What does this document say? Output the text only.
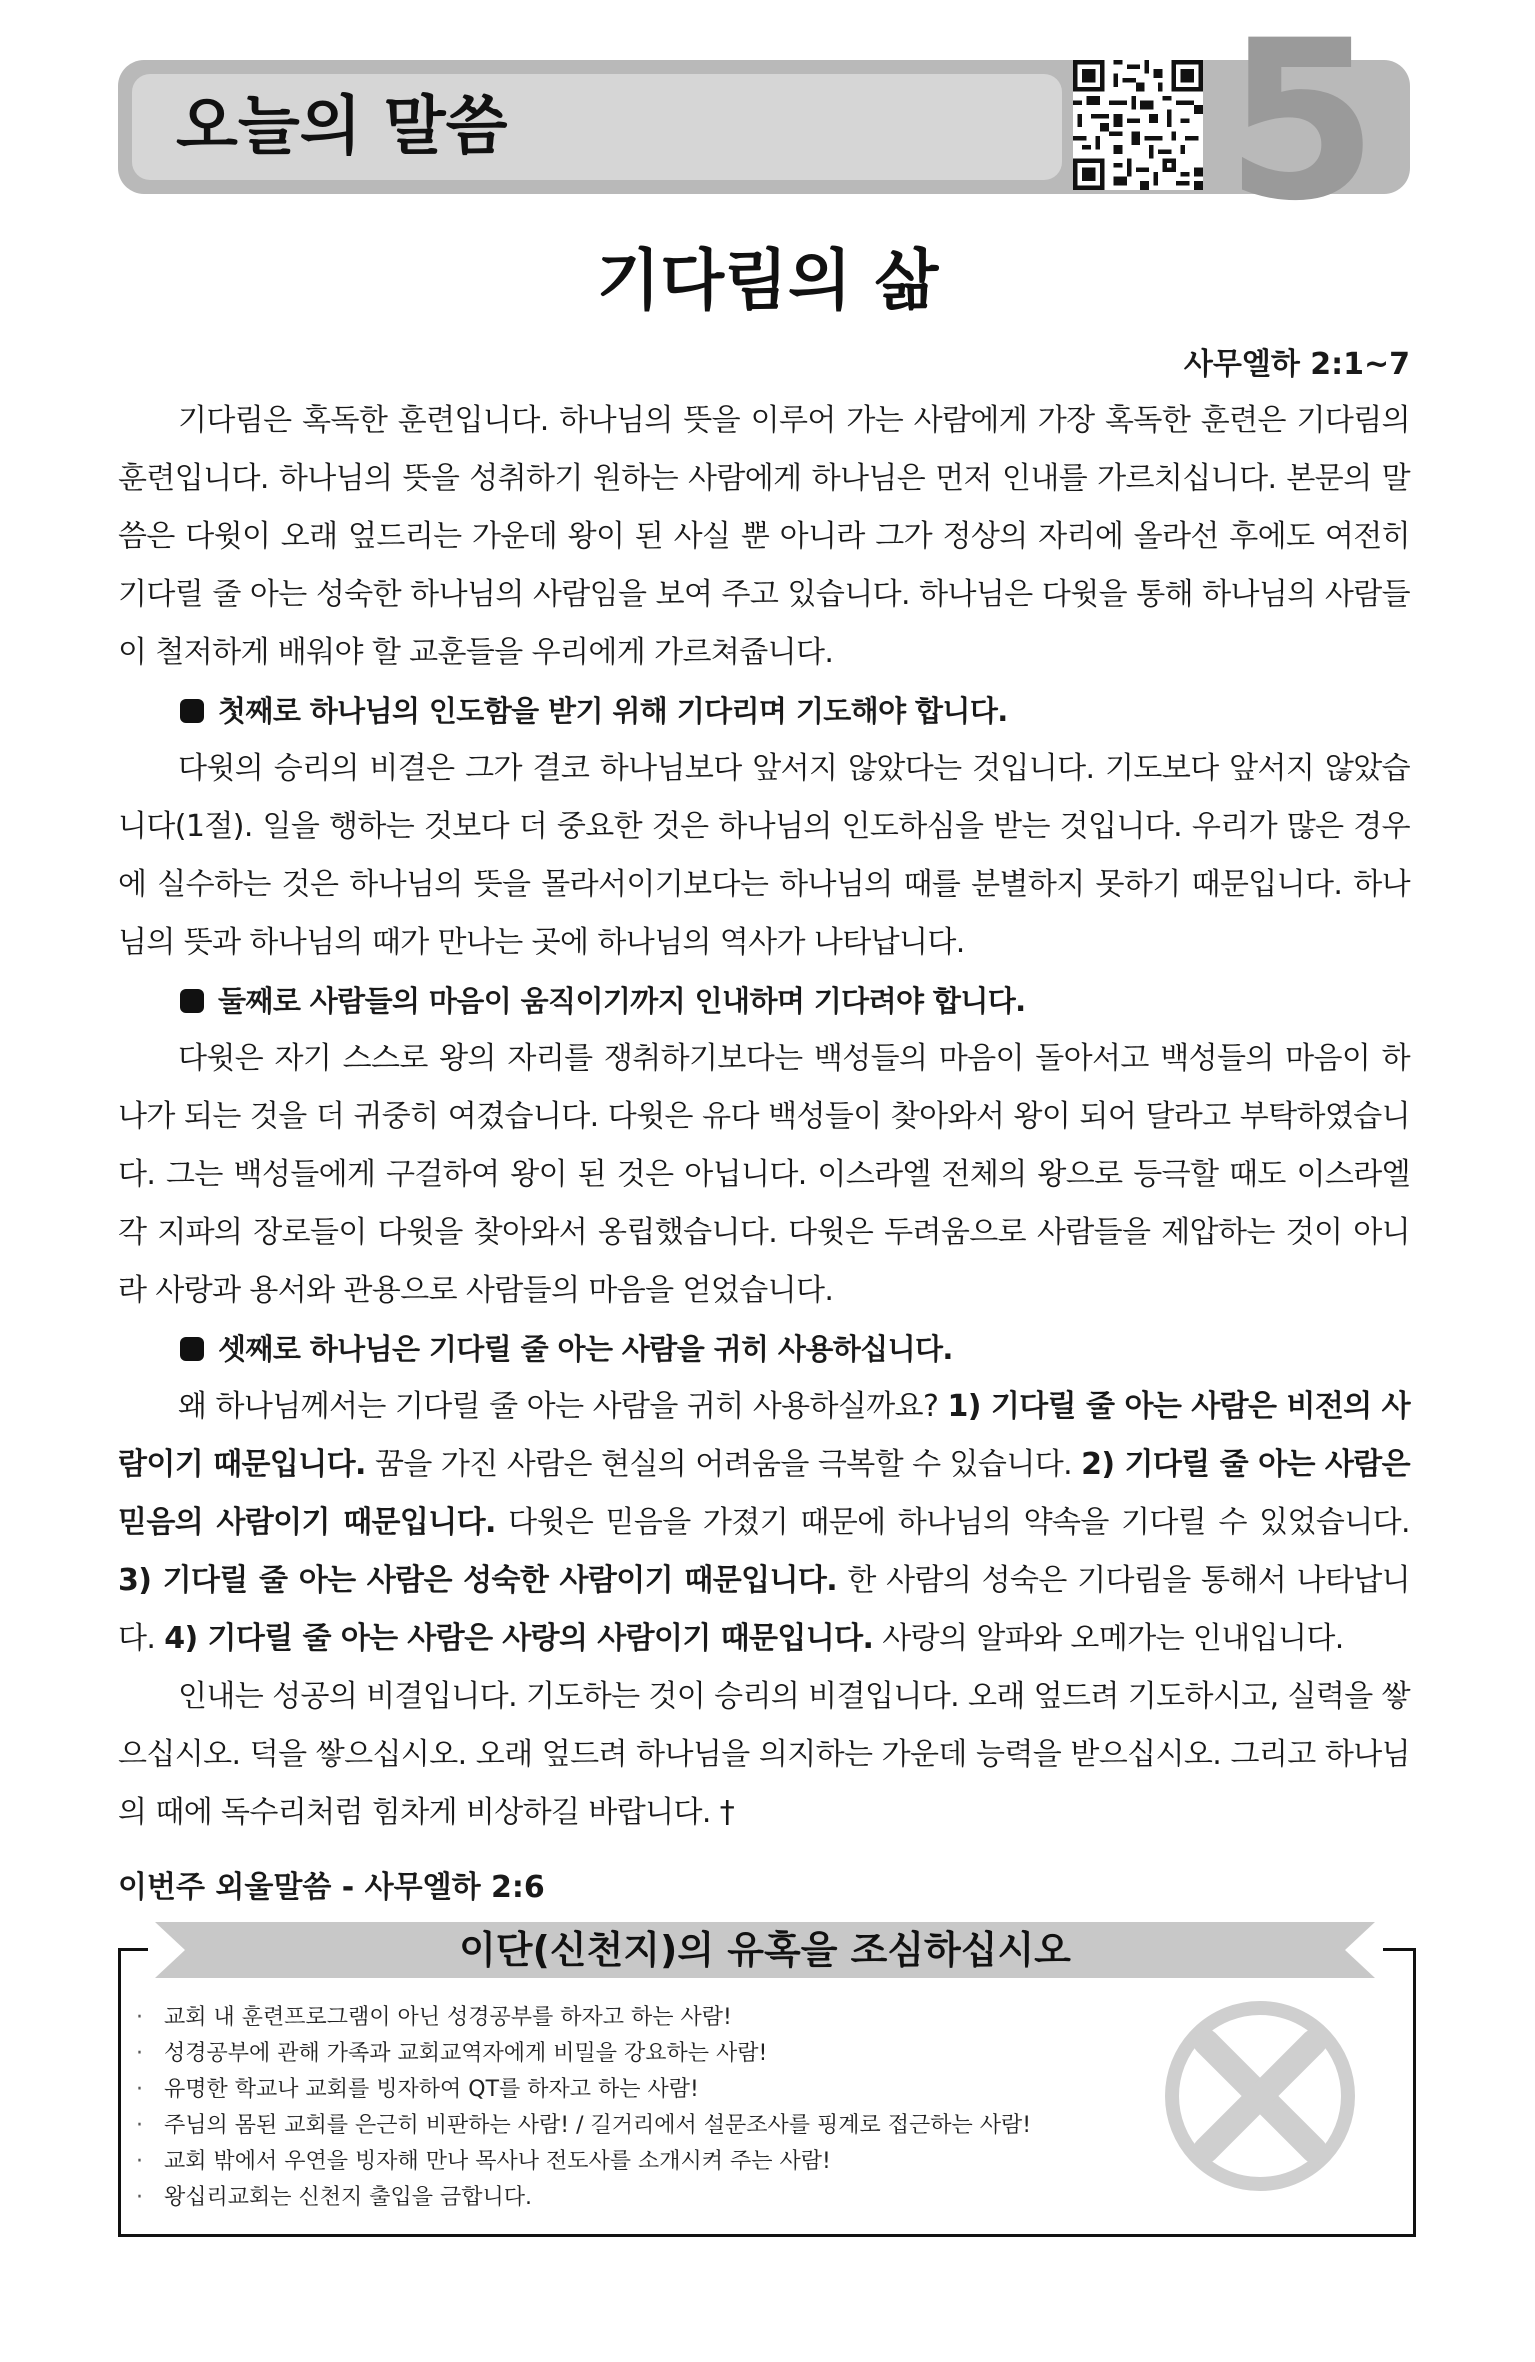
오늘의 말씀	5
기다림의 삶
사무엘하 2:1~7

기다림은 혹독한 훈련입니다. 하나님의 뜻을 이루어 가는 사람에게 가장 혹독한 훈련은 기다림의 훈련입니다. 하나님의 뜻을 성취하기 원하는 사람에게 하나님은 먼저 인내를 가르치십니다. 본문의 말씀은 다윗이 오래 엎드리는 가운데 왕이 된 사실 뿐 아니라 그가 정상의 자리에 올라선 후에도 여전히 기다릴 줄 아는 성숙한 하나님의 사람임을 보여 주고 있습니다. 하나님은 다윗을 통해 하나님의 사람들이 철저하게 배워야 할 교훈들을 우리에게 가르쳐줍니다.

첫째로 하나님의 인도함을 받기 위해 기다리며 기도해야 합니다.

다윗의 승리의 비결은 그가 결코 하나님보다 앞서지 않았다는 것입니다. 기도보다 앞서지 않았습니다(1절). 일을 행하는 것보다 더 중요한 것은 하나님의 인도하심을 받는 것입니다. 우리가 많은 경우에 실수하는 것은 하나님의 뜻을 몰라서이기보다는 하나님의 때를 분별하지 못하기 때문입니다. 하나님의 뜻과 하나님의 때가 만나는 곳에 하나님의 역사가 나타납니다.

둘째로 사람들의 마음이 움직이기까지 인내하며 기다려야 합니다.

다윗은 자기 스스로 왕의 자리를 쟁취하기보다는 백성들의 마음이 돌아서고 백성들의 마음이 하나가 되는 것을 더 귀중히 여겼습니다. 다윗은 유다 백성들이 찾아와서 왕이 되어 달라고 부탁하였습니다. 그는 백성들에게 구걸하여 왕이 된 것은 아닙니다. 이스라엘 전체의 왕으로 등극할 때도 이스라엘 각 지파의 장로들이 다윗을 찾아와서 옹립했습니다. 다윗은 두려움으로 사람들을 제압하는 것이 아니라 사랑과 용서와 관용으로 사람들의 마음을 얻었습니다.

셋째로 하나님은 기다릴 줄 아는 사람을 귀히 사용하십니다.

왜 하나님께서는 기다릴 줄 아는 사람을 귀히 사용하실까요? 1) 기다릴 줄 아는 사람은 비전의 사람이기 때문입니다. 꿈을 가진 사람은 현실의 어려움을 극복할 수 있습니다. 2) 기다릴 줄 아는 사람은 믿음의 사람이기 때문입니다. 다윗은 믿음을 가졌기 때문에 하나님의 약속을 기다릴 수 있었습니다. 3) 기다릴 줄 아는 사람은 성숙한 사람이기 때문입니다. 한 사람의 성숙은 기다림을 통해서 나타납니다. 4) 기다릴 줄 아는 사람은 사랑의 사람이기 때문입니다. 사랑의 알파와 오메가는 인내입니다.

인내는 성공의 비결입니다. 기도하는 것이 승리의 비결입니다. 오래 엎드려 기도하시고, 실력을 쌓으십시오. 덕을 쌓으십시오. 오래 엎드려 하나님을 의지하는 가운데 능력을 받으십시오. 그리고 하나님의 때에 독수리처럼 힘차게 비상하길 바랍니다. †

이번주 외울말씀 - 사무엘하 2:6
이단(신천지)의 유혹을 조심하십시오
· 교회 내 훈련프로그램이 아닌 성경공부를 하자고 하는 사람!
· 성경공부에 관해 가족과 교회교역자에게 비밀을 강요하는 사람!
· 유명한 학교나 교회를 빙자하여 QT를 하자고 하는 사람!
· 주님의 몸된 교회를 은근히 비판하는 사람! / 길거리에서 설문조사를 핑계로 접근하는 사람!
· 교회 밖에서 우연을 빙자해 만나 목사나 전도사를 소개시켜 주는 사람!
· 왕십리교회는 신천지 출입을 금합니다.
